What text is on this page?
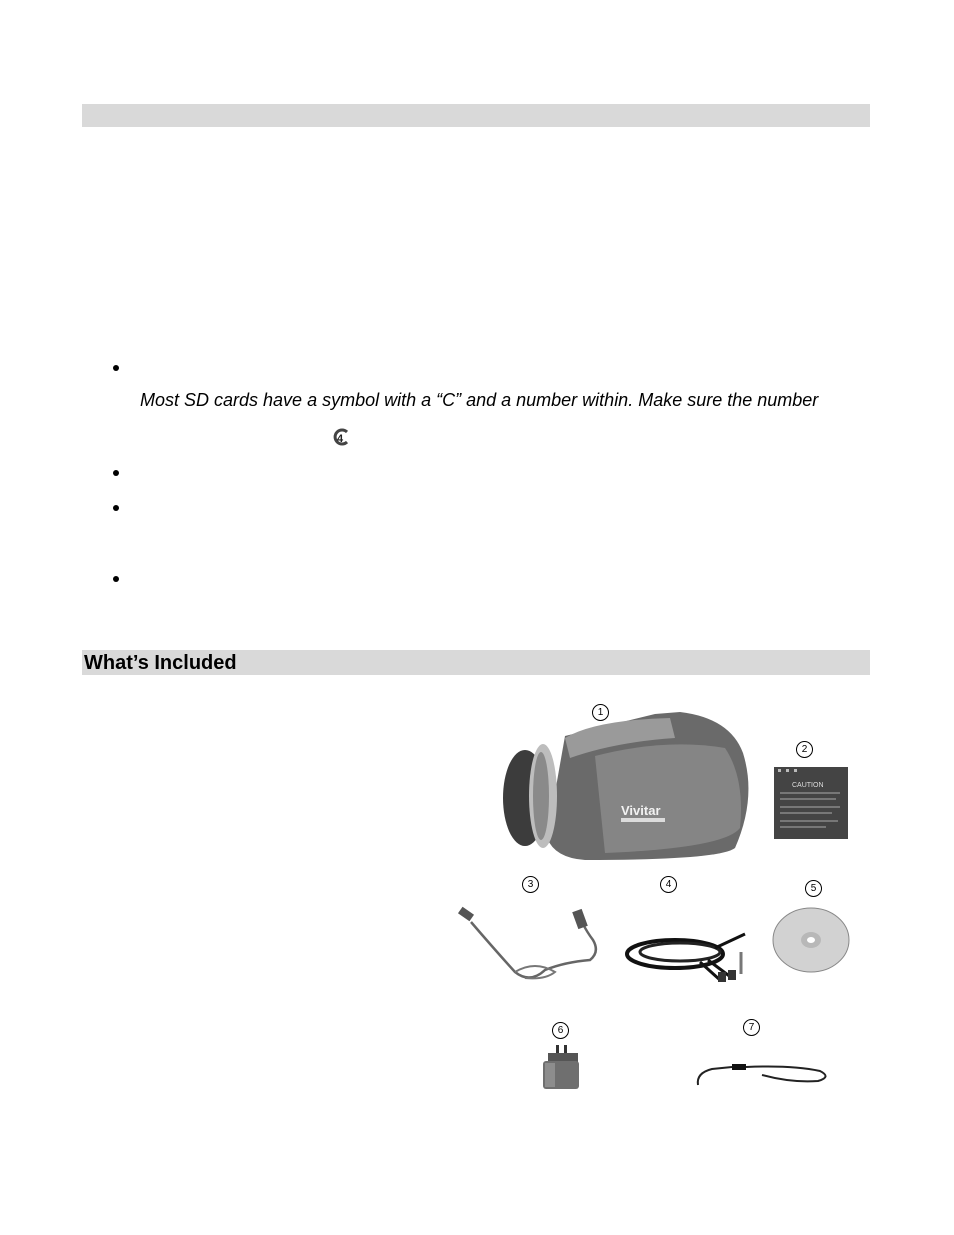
Most SD cards have a symbol with a “C” and a number within. Make sure the number
4
What’s Included
1
2
3	4	5
6	7
Vivitar
CAUTION
